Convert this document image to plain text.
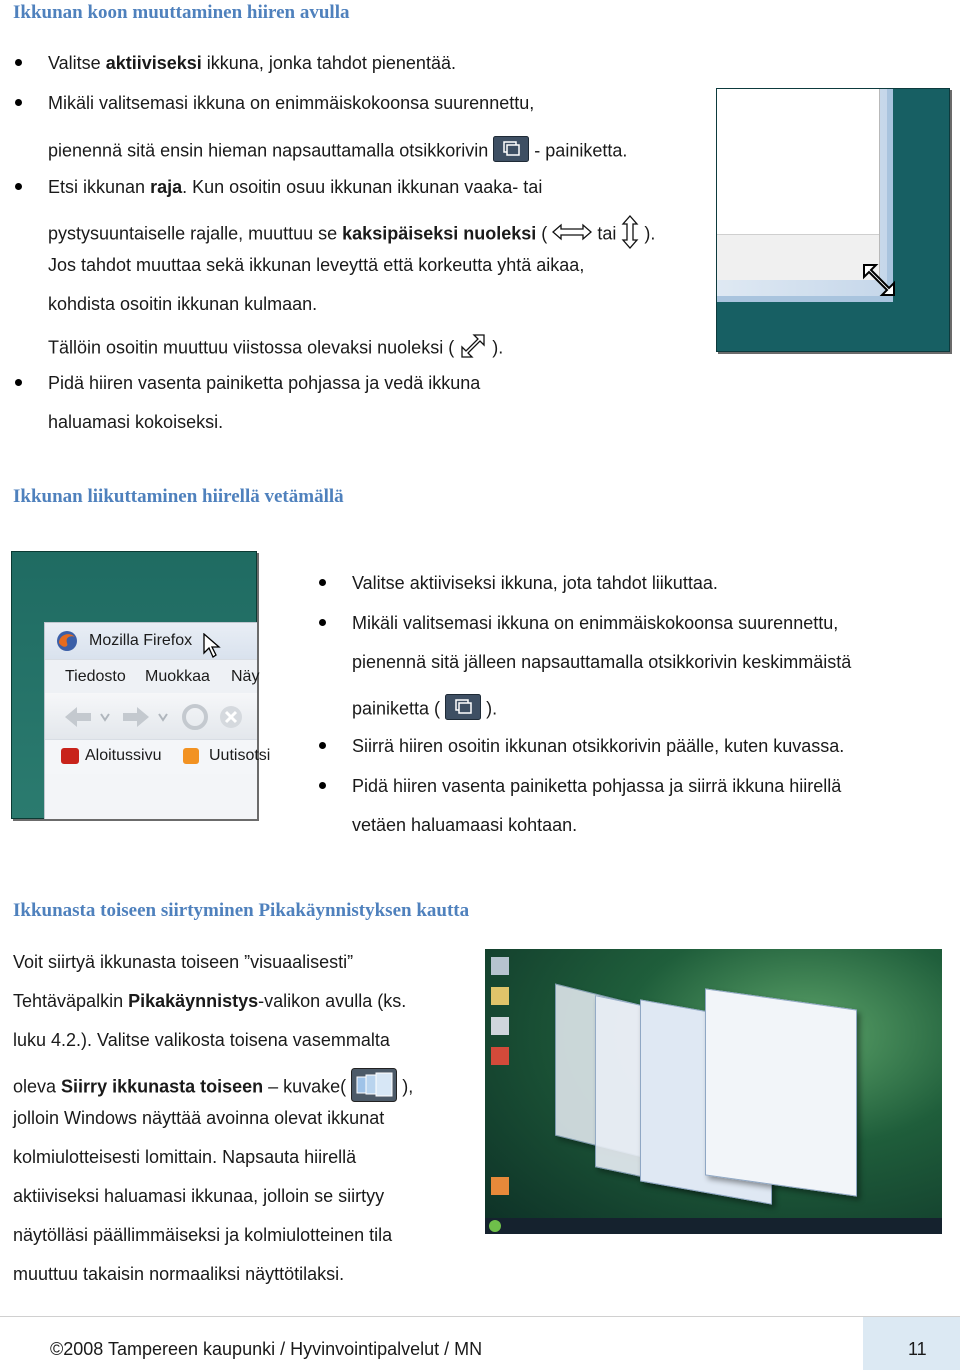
Ikkunan koon muuttaminen hiiren avulla
Valitse aktiiviseksi ikkuna, jonka tahdot pienentää.
Mikäli valitsemasi ikkuna on enimmäiskokoonsa suurennettu,
pienennä sitä ensin hieman napsauttamalla otsikkorivin	- painiketta.
Etsi ikkunan raja. Kun osoitin osuu ikkunan ikkunan vaaka- tai
pystysuuntaiselle rajalle, muuttuu se kaksipäiseksi nuoleksi (	tai ).
Jos tahdot muuttaa sekä ikkunan leveyttä että korkeutta yhtä aikaa,
kohdista osoitin ikkunan kulmaan.
Tällöin osoitin muuttuu viistossa olevaksi nuoleksi ( ).
Pidä hiiren vasenta painiketta pohjassa ja vedä ikkuna
haluamasi kokoiseksi.
Ikkunan liikuttaminen hiirellä vetämällä
Mozilla Firefox
Tiedosto Muokkaa Näy
Aloitussivu	Uutisotsi
Valitse aktiiviseksi ikkuna, jota tahdot liikuttaa.
Mikäli valitsemasi ikkuna on enimmäiskokoonsa suurennettu,
pienennä sitä jälleen napsauttamalla otsikkorivin keskimmäistä
painiketta (	).
Siirrä hiiren osoitin ikkunan otsikkorivin päälle, kuten kuvassa.
Pidä hiiren vasenta painiketta pohjassa ja siirrä ikkuna hiirellä
vetäen haluamaasi kohtaan.
Ikkunasta toiseen siirtyminen Pikakäynnistyksen kautta
Voit siirtyä ikkunasta toiseen ”visuaalisesti”
Tehtäväpalkin Pikakäynnistys-valikon avulla (ks.
luku 4.2.). Valitse valikosta toisena vasemmalta
oleva Siirry ikkunasta toiseen – kuvake(	),
jolloin Windows näyttää avoinna olevat ikkunat
kolmiulotteisesti lomittain. Napsauta hiirellä
aktiiviseksi haluamasi ikkunaa, jolloin se siirtyy
näytölläsi päällimmäiseksi ja kolmiulotteinen tila
muuttuu takaisin normaaliksi näyttötilaksi.
©2008 Tampereen kaupunki / Hyvinvointipalvelut / MN	11
